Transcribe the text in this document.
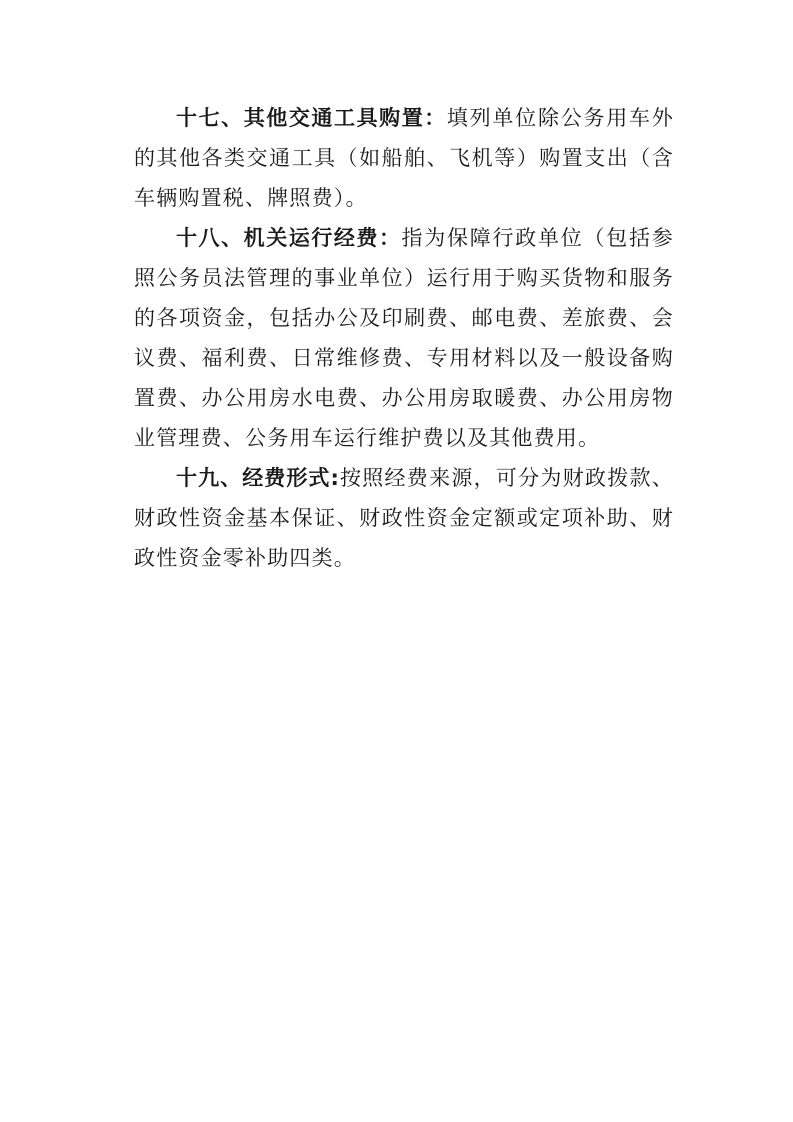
十七、其他交通工具购置：填列单位除公务用车外的其他各类交通工具（如船舶、飞机等）购置支出（含车辆购置税、牌照费）。

十八、机关运行经费：指为保障行政单位（包括参照公务员法管理的事业单位）运行用于购买货物和服务的各项资金，包括办公及印刷费、邮电费、差旅费、会议费、福利费、日常维修费、专用材料以及一般设备购置费、办公用房水电费、办公用房取暖费、办公用房物业管理费、公务用车运行维护费以及其他费用。

十九、经费形式:按照经费来源，可分为财政拨款、财政性资金基本保证、财政性资金定额或定项补助、财政性资金零补助四类。
